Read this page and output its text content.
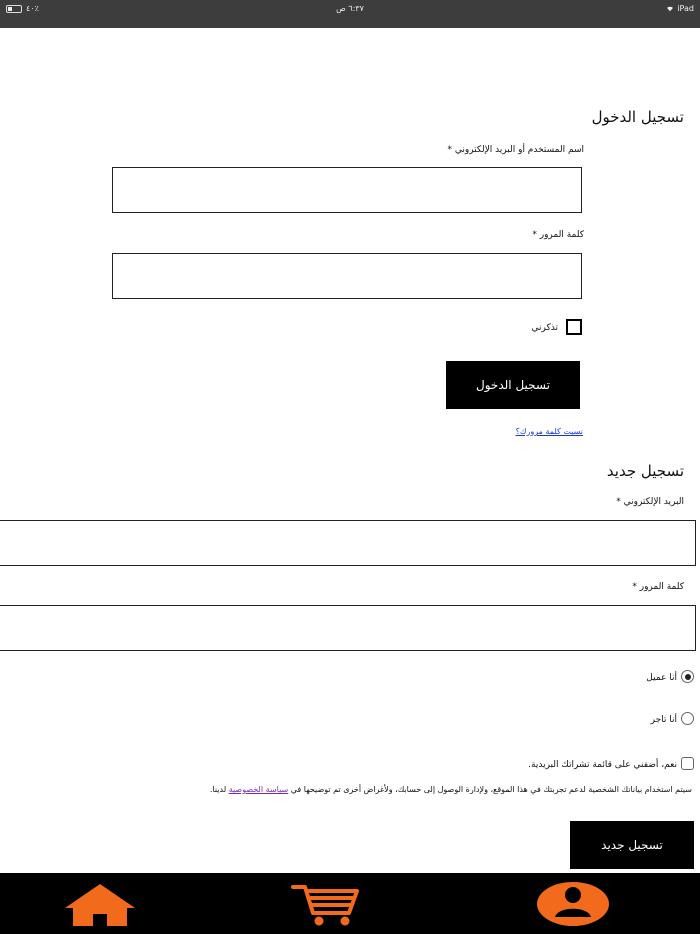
٤٠٪	٦:٣٧ ص	iPad
تسجيل الدخول
اسم المستخدم أو البريد الإلكتروني *
كلمة المرور *
تذكرني
تسجيل الدخول
نسيت كلمة مرورك؟
تسجيل جديد
البريد الإلكتروني *
كلمة المرور *
أنا عميل
أنا تاجر
نعم، أضفني على قائمة تشراتك البريدية.
سيتم استخدام بياناتك الشخصية لدعم تجربتك في هذا الموقع، ولإدارة الوصول إلى حسابك، ولأغراض أخرى تم توضيحها في سياسة الخصوصية لدينا.
تسجيل جديد
